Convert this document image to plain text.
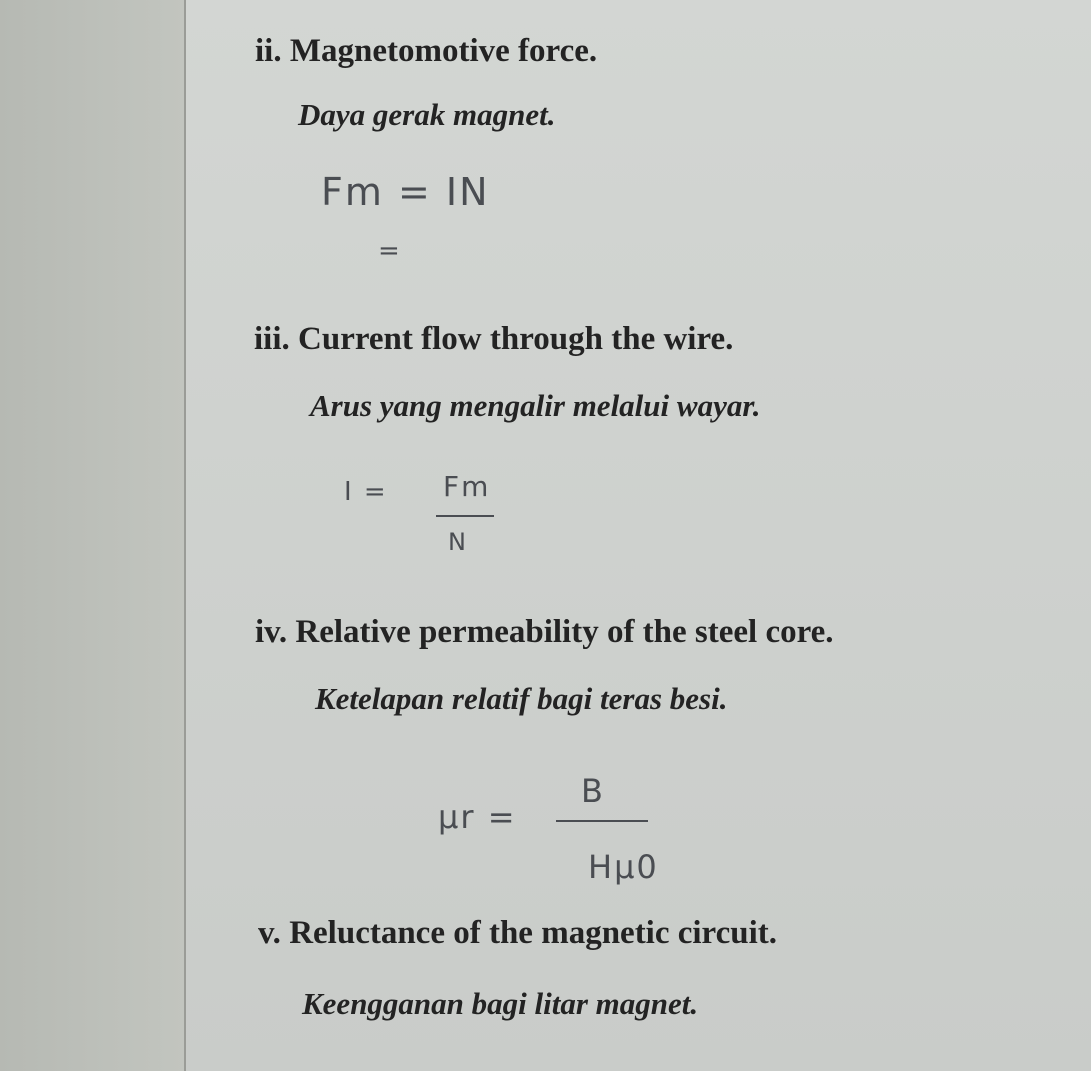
ii. Magnetomotive force.

Daya gerak magnet.

Fm = IN
=

iii. Current flow through the wire.

Arus yang mengalir melalui wayar.

I = Fm
N

iv. Relative permeability of the steel core.

Ketelapan relatif bagi teras besi.

μr =
B
Hμ0

v. Reluctance of the magnetic circuit.

Keengganan bagi litar magnet.
